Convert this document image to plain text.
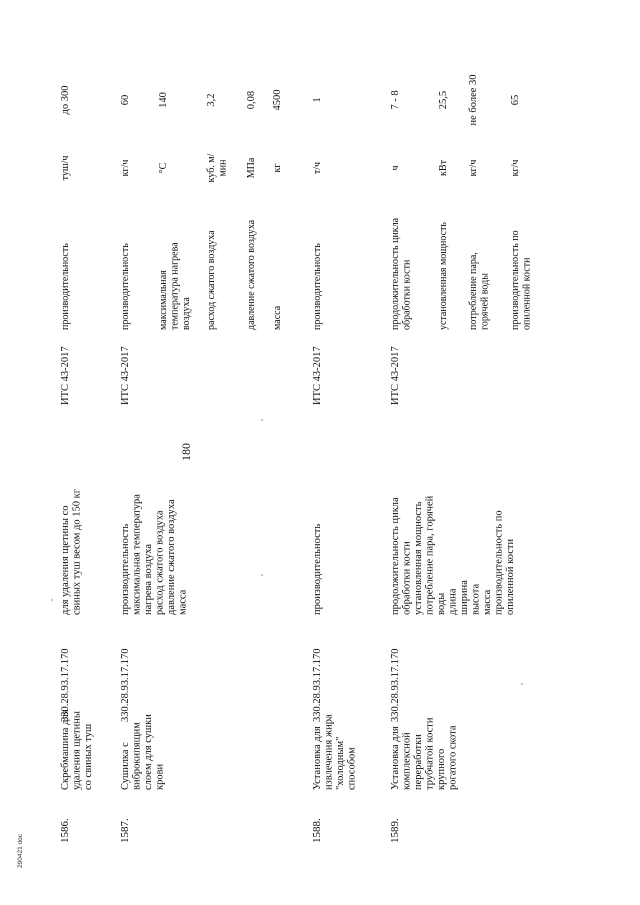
180
290421 doc
1586.
Скребмашина для удаления щетины со свиных туш
330.28.93.17.170
для удаления щетины со свиных туш весом до 150 кг
ИТС 43-2017
производительность
туш/ч
до 300
1587.
Сушилка с виброкипящим слоем для сушки крови
330.28.93.17.170
производительность максимальная температура нагрева воздуха расход сжатого воздуха давление сжатого воздуха масса
ИТС 43-2017
производительность
кг/ч
60
максимальная температура нагрева воздуха
°С
140
расход сжатого воздуха
куб. м/ мин
3,2
давление сжатого воздуха
МПа
0,08
масса
кг
4500
1588.
Установка для извлечения жира "холодным" способом
330.28.93.17.170
производительность
ИТС 43-2017
производительность
т/ч
1
1589.
Установка для комплексной переработки трубчатой кости крупного рогатого скота
330.28.93.17.170
продолжительность цикла обработки кости установленная мощность потребление пара, горячей воды длина ширина высота масса производительность по опиленной кости
ИТС 43-2017
продолжительность цикла обработки кости
ч
7 - 8
установленная мощность
кВт
25,5
потребление пара, горячей воды
кг/ч
не более 30
производительность по опиленной кости
кг/ч
65
